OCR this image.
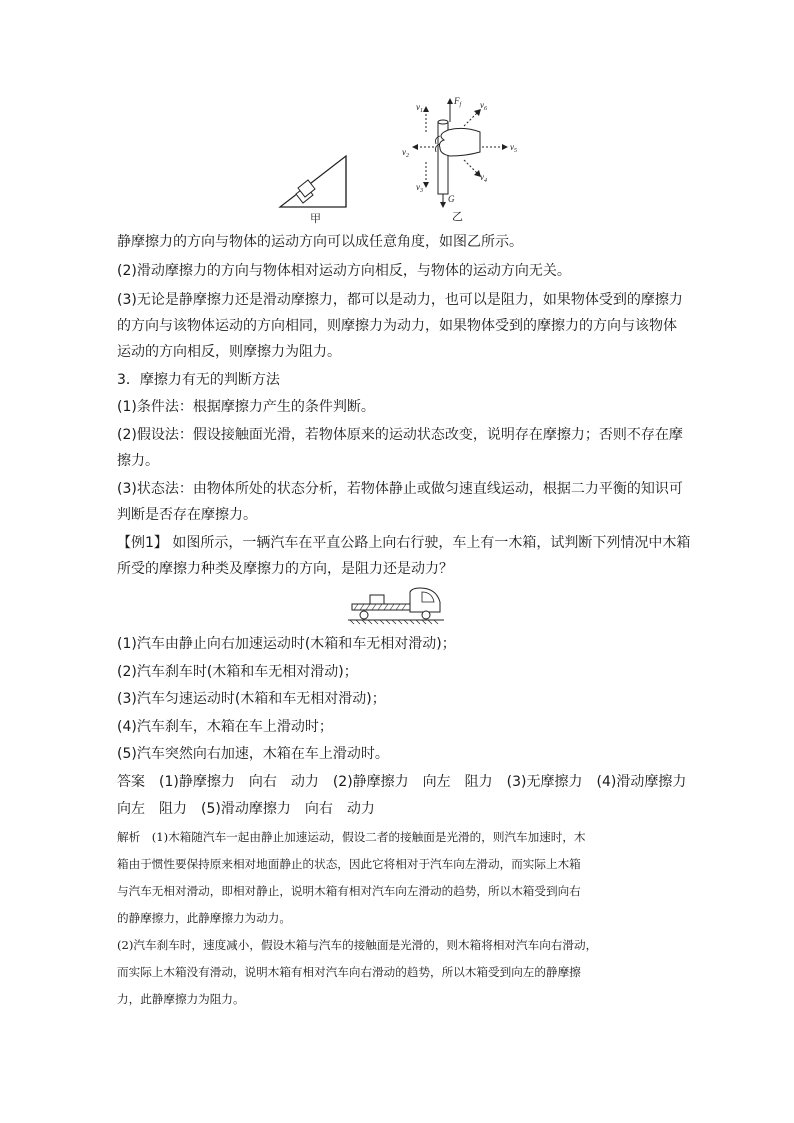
甲
$v_1$
$F_f$ $v_6$
$v_2$
$v_5$
$v_3$
$v_4$
G
乙
静摩擦力的方向与物体的运动方向可以成任意角度，如图乙所示。
(2)滑动摩擦力的方向与物体相对运动方向相反，与物体的运动方向无关。
(3)无论是静摩擦力还是滑动摩擦力，都可以是动力，也可以是阻力，如果物体受到的摩擦力
的方向与该物体运动的方向相同，则摩擦力为动力，如果物体受到的摩擦力的方向与该物体
运动的方向相反，则摩擦力为阻力。
3．摩擦力有无的判断方法
(1)条件法：根据摩擦力产生的条件判断。
(2)假设法：假设接触面光滑，若物体原来的运动状态改变，说明存在摩擦力；否则不存在摩
擦力。
(3)状态法：由物体所处的状态分析，若物体静止或做匀速直线运动，根据二力平衡的知识可
判断是否存在摩擦力。
【例1】 如图所示，一辆汽车在平直公路上向右行驶，车上有一木箱，试判断下列情况中木箱
所受的摩擦力种类及摩擦力的方向，是阻力还是动力？
(1)汽车由静止向右加速运动时(木箱和车无相对滑动)；
(2)汽车刹车时(木箱和车无相对滑动)；
(3)汽车匀速运动时(木箱和车无相对滑动)；
(4)汽车刹车，木箱在车上滑动时；
(5)汽车突然向右加速，木箱在车上滑动时。
答案　(1)静摩擦力　向右　动力　(2)静摩擦力　向左　阻力　(3)无摩擦力　(4)滑动摩擦力
向左　阻力　(5)滑动摩擦力　向右　动力
解析　(1)木箱随汽车一起由静止加速运动，假设二者的接触面是光滑的，则汽车加速时，木
箱由于惯性要保持原来相对地面静止的状态，因此它将相对于汽车向左滑动，而实际上木箱
与汽车无相对滑动，即相对静止，说明木箱有相对汽车向左滑动的趋势，所以木箱受到向右
的静摩擦力，此静摩擦力为动力。
(2)汽车刹车时，速度减小，假设木箱与汽车的接触面是光滑的，则木箱将相对汽车向右滑动，
而实际上木箱没有滑动，说明木箱有相对汽车向右滑动的趋势，所以木箱受到向左的静摩擦
力，此静摩擦力为阻力。
